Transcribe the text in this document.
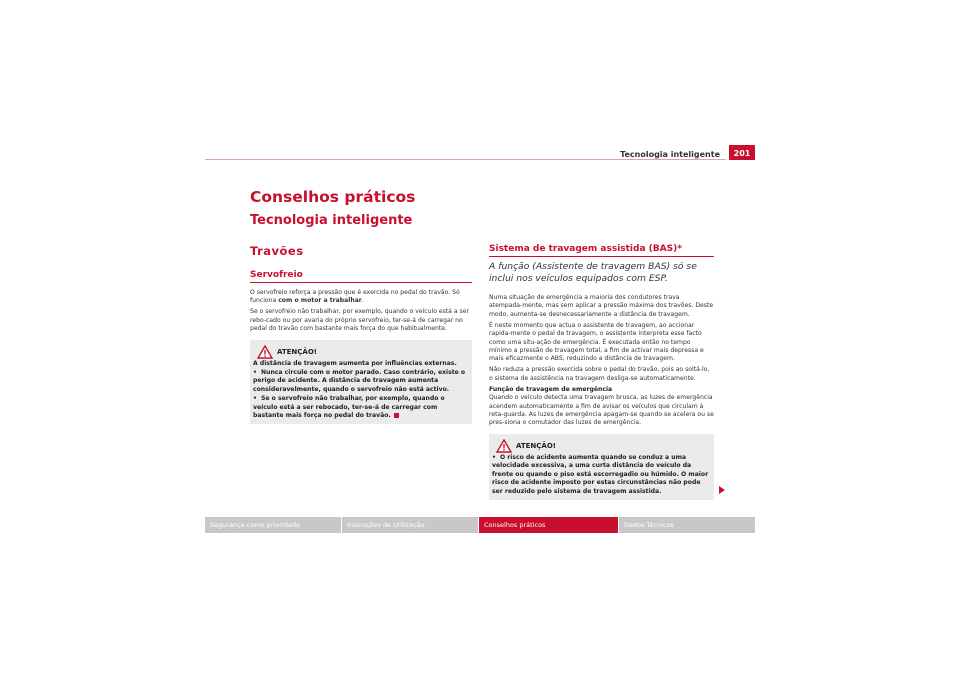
Tecnologia inteligente	201
Conselhos práticos
Tecnologia inteligente
Travões
Servofreio

O servofreio reforça a pressão que é exercida no pedal do travão. Só funciona com o motor a trabalhar.

Se o servofreio não trabalhar, por exemplo, quando o veículo está a ser rebo-cado ou por avaria do próprio servofreio, ter-se-á de carregar no pedal do travão com bastante mais força do que habitualmente.

ATENÇÃO!

A distância de travagem aumenta por influências externas.

• Nunca circule com o motor parado. Caso contrário, existe o perigo de acidente. A distância de travagem aumenta consideravelmente, quando o servofreio não está activo.

• Se o servofreio não trabalhar, por exemplo, quando o veículo está a ser rebocado, ter-se-á de carregar com bastante mais força no pedal do travão.

Sistema de travagem assistida (BAS)*

A função (Assistente de travagem BAS) só se inclui nos veículos equipados com ESP.

Numa situação de emergência a maioria dos condutores trava atempada-mente, mas sem aplicar a pressão máxima dos travões. Deste modo, aumenta-se desnecessariamente a distância de travagem.

É neste momento que actua o assistente de travagem, ao accionar rapida-mente o pedal de travagem, o assistente interpreta esse facto como uma situ-ação de emergência. É executada então no tempo mínimo a pressão de travagem total, a fim de activar mais depressa e mais eficazmente o ABS, reduzindo a distância de travagem.

Não reduza a pressão exercida sobre o pedal do travão, pois ao soltá-lo, o sistema de assistência na travagem desliga-se automaticamente.

Função de travagem de emergência

Quando o veículo detecta uma travagem brusca, as luzes de emergência acendem automaticamente a fim de avisar os veículos que circulam à reta-guarda. As luzes de emergência apagam-se quando se acelera ou se pres-siona o comutador das luzes de emergência.

ATENÇÃO!

• O risco de acidente aumenta quando se conduz a uma velocidade excessiva, a uma curta distância do veículo da frente ou quando o piso está escorregadio ou húmido. O maior risco de acidente imposto por estas circunstâncias não pode ser reduzido pelo sistema de travagem assistida.

Segurança como prioridade	Instruções de Utilização	Conselhos práticos	Dados Técnicos
